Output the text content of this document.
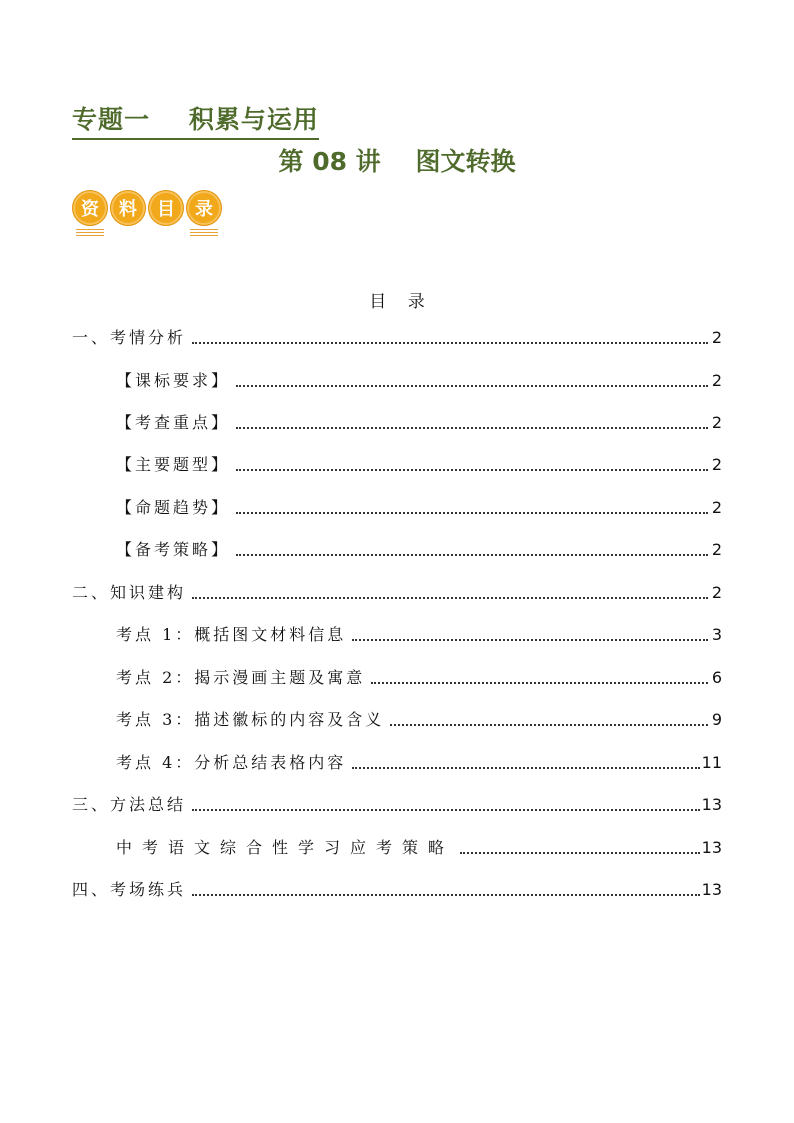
专题一    积累与运用
第 08 讲    图文转换
资	料	目	录
目    录
一、考情分析	2
【课标要求】	2
【考查重点】	2
【主要题型】	2
【命题趋势】	2
【备考策略】	2
二、知识建构	2
考点 1：概括图文材料信息	3
考点 2：揭示漫画主题及寓意	6
考点 3：描述徽标的内容及含义	9
考点 4：分析总结表格内容	11
三、方法总结	13
中考语文综合性学习应考策略	13
四、考场练兵	13
